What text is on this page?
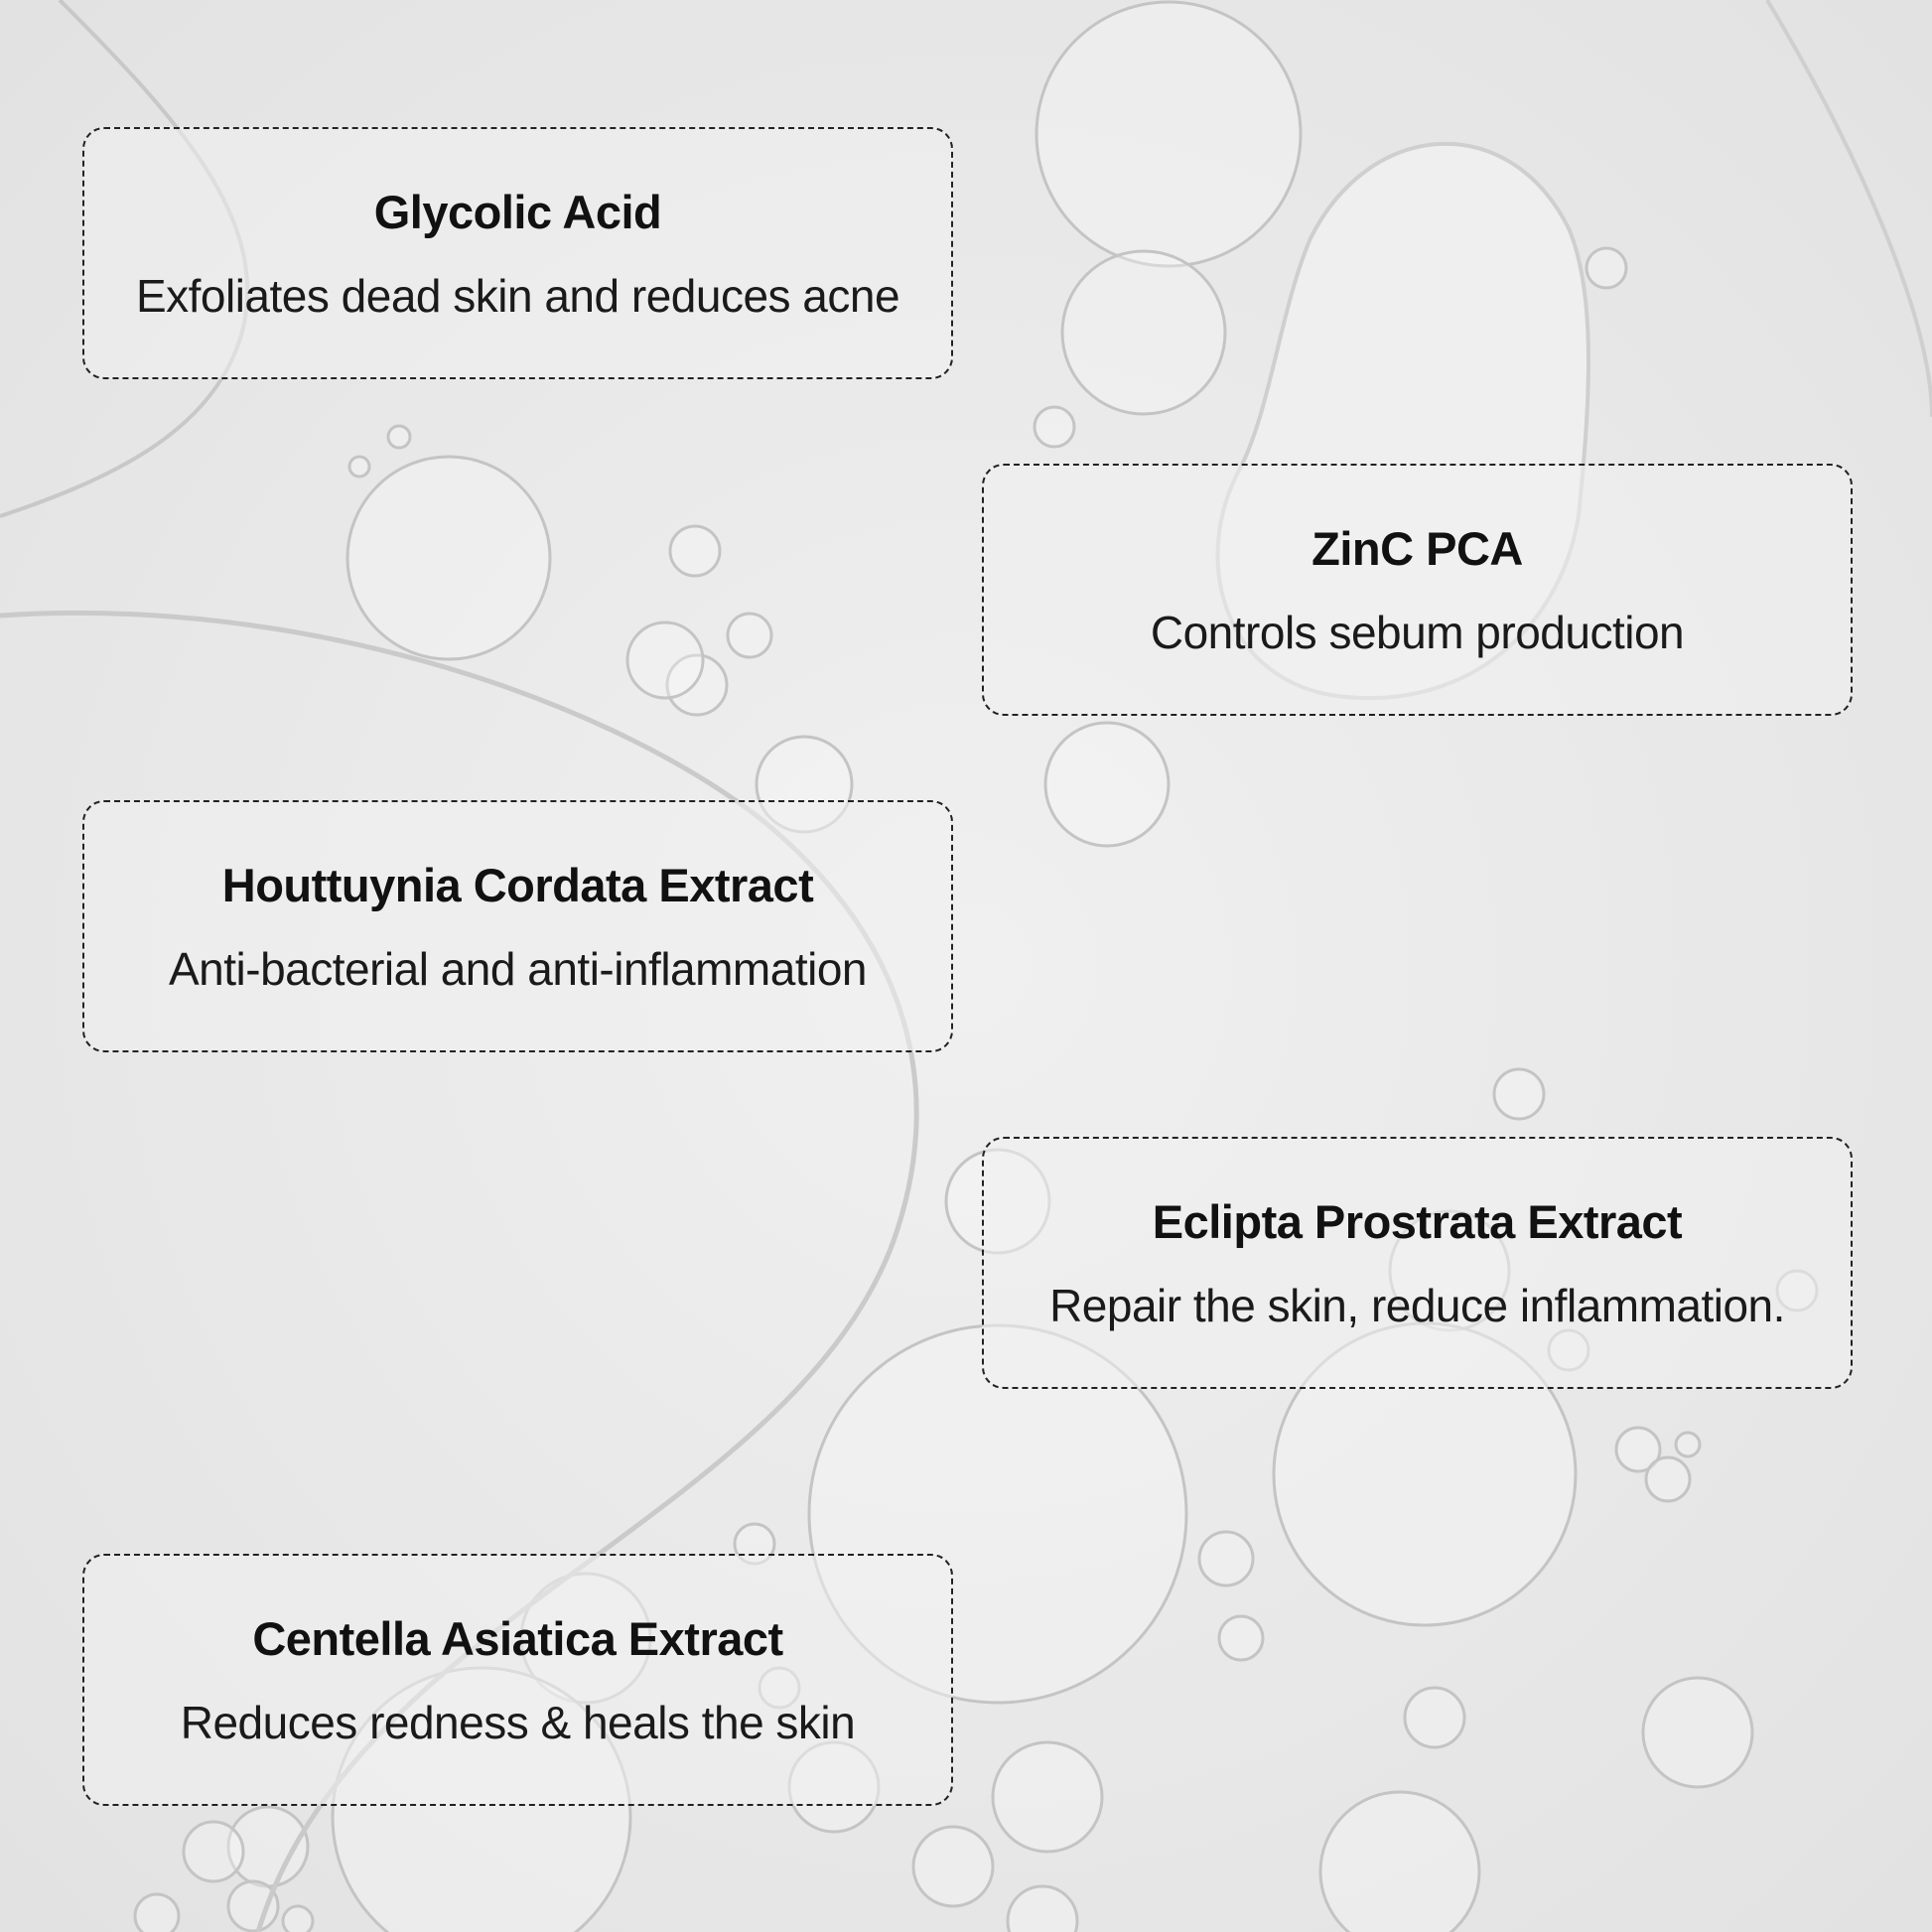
Glycolic Acid
Exfoliates dead skin and reduces acne
ZinC PCA
Controls sebum production
Houttuynia Cordata Extract
Anti-bacterial and anti-inflammation
Eclipta Prostrata Extract
Repair the skin, reduce inflammation.
Centella Asiatica Extract
Reduces redness & heals the skin
